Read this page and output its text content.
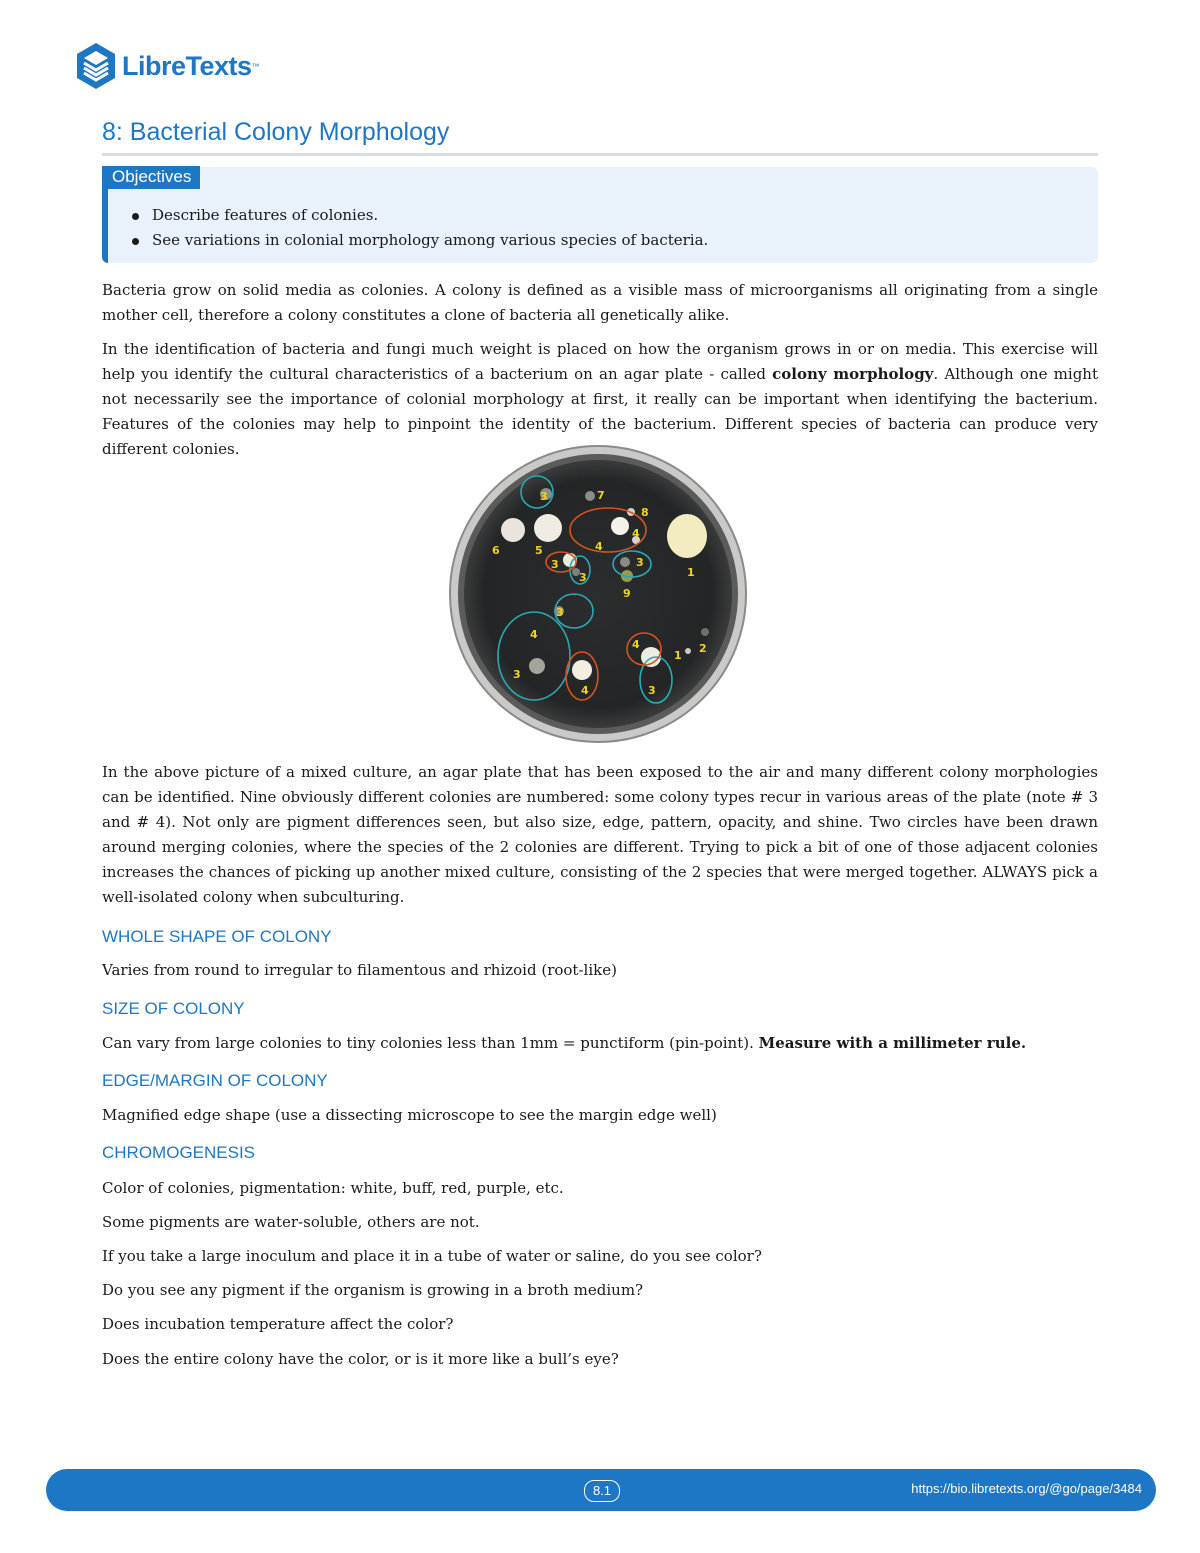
LibreTexts ™
8: Bacterial Colony Morphology
Objectives
Describe features of colonies.
See variations in colonial morphology among various species of bacteria.

Bacteria grow on solid media as colonies. A colony is defined as a visible mass of microorganisms all originating from a single mother cell, therefore a colony constitutes a clone of bacteria all genetically alike.

In the identification of bacteria and fungi much weight is placed on how the organism grows in or on media. This exercise will help you identify the cultural characteristics of a bacterium on an agar plate - called colony morphology. Although one might not necessarily see the importance of colonial morphology at first, it really can be important when identifying the bacterium. Features of the colonies may help to pinpoint the identity of the bacterium. Different species of bacteria can produce very different colonies.

3	7
8
6	5	4
4
3
3	1
9
3
3
4
1
2
3
4
3
4

In the above picture of a mixed culture, an agar plate that has been exposed to the air and many different colony morphologies can be identified. Nine obviously different colonies are numbered: some colony types recur in various areas of the plate (note # 3 and # 4). Not only are pigment differences seen, but also size, edge, pattern, opacity, and shine. Two circles have been drawn around merging colonies, where the species of the 2 colonies are different. Trying to pick a bit of one of those adjacent colonies increases the chances of picking up another mixed culture, consisting of the 2 species that were merged together. ALWAYS pick a well-isolated colony when subculturing.

WHOLE SHAPE OF COLONY

Varies from round to irregular to filamentous and rhizoid (root-like)

SIZE OF COLONY

Can vary from large colonies to tiny colonies less than 1mm = punctiform (pin-point). Measure with a millimeter rule.

EDGE/MARGIN OF COLONY

Magnified edge shape (use a dissecting microscope to see the margin edge well)

CHROMOGENESIS

Color of colonies, pigmentation: white, buff, red, purple, etc.

Some pigments are water-soluble, others are not.

If you take a large inoculum and place it in a tube of water or saline, do you see color?

Do you see any pigment if the organism is growing in a broth medium?

Does incubation temperature affect the color?

Does the entire colony have the color, or is it more like a bull’s eye?

8.1	https://bio.libretexts.org/@go/page/3484
